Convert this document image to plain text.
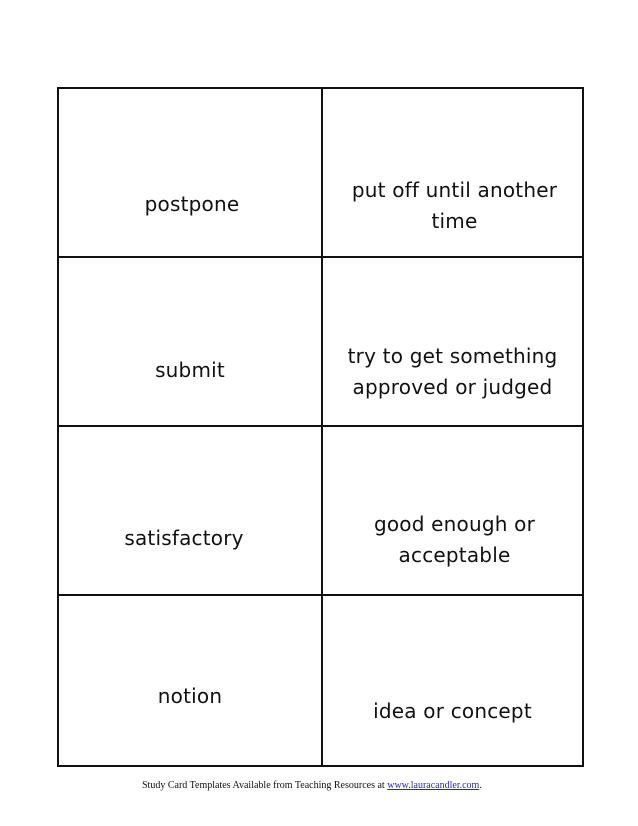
postpone
put off until another time
submit
try to get something approved or judged
satisfactory
good enough or acceptable
notion
idea or concept
Study Card Templates Available from Teaching Resources at www.lauracandler.com.
